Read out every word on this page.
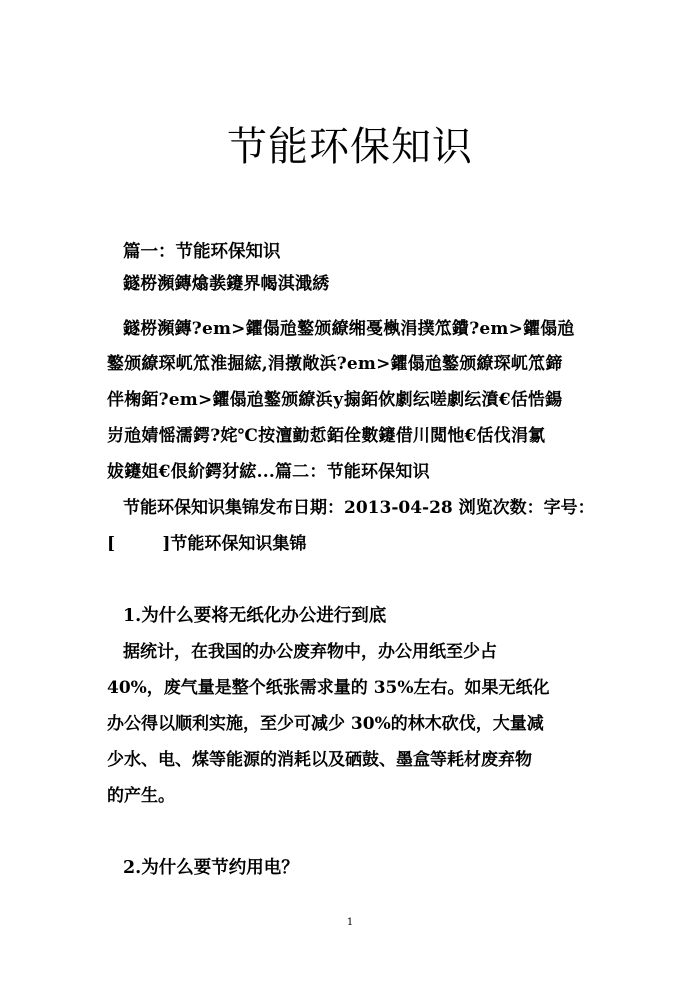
节能环保知识
篇一：节能环保知识
鐩梤瀕鏄熻彂鑳界幆淇濈綉
鐩梤瀕鏄?em>鑺傝兘鐜颁繚缃戞槸涓撲笟鐨?em>鑺傝兘
鐜颁繚琛屼笟淮掘綋,涓撴敞浜?em>鑺傝兘鐜颁繚琛屼笟鍗
伴椈銆?em>鑺傝兘鐜颁繚浜у搧銆佽劇纭嗟劇纭濆€佸悎鍚
岃兘婧愮濡鍔?姹℃按澶勭悊銆佺數鑳借川閲忚€佸伐涓氱
妭鑳姐€佷紒鍔犲綋...篇二：节能环保知识
节能环保知识集锦发布日期：2013-04-28 浏览次数：字号：
[        ]节能环保知识集锦
1.为什么要将无纸化办公进行到底
据统计，在我国的办公废弃物中，办公用纸至少占
40%，废气量是整个纸张需求量的 35%左右。如果无纸化
办公得以顺利实施，至少可减少 30%的林木砍伐，大量减
少水、电、煤等能源的消耗以及硒鼓、墨盒等耗材废弃物
的产生。
2.为什么要节约用电？
1
